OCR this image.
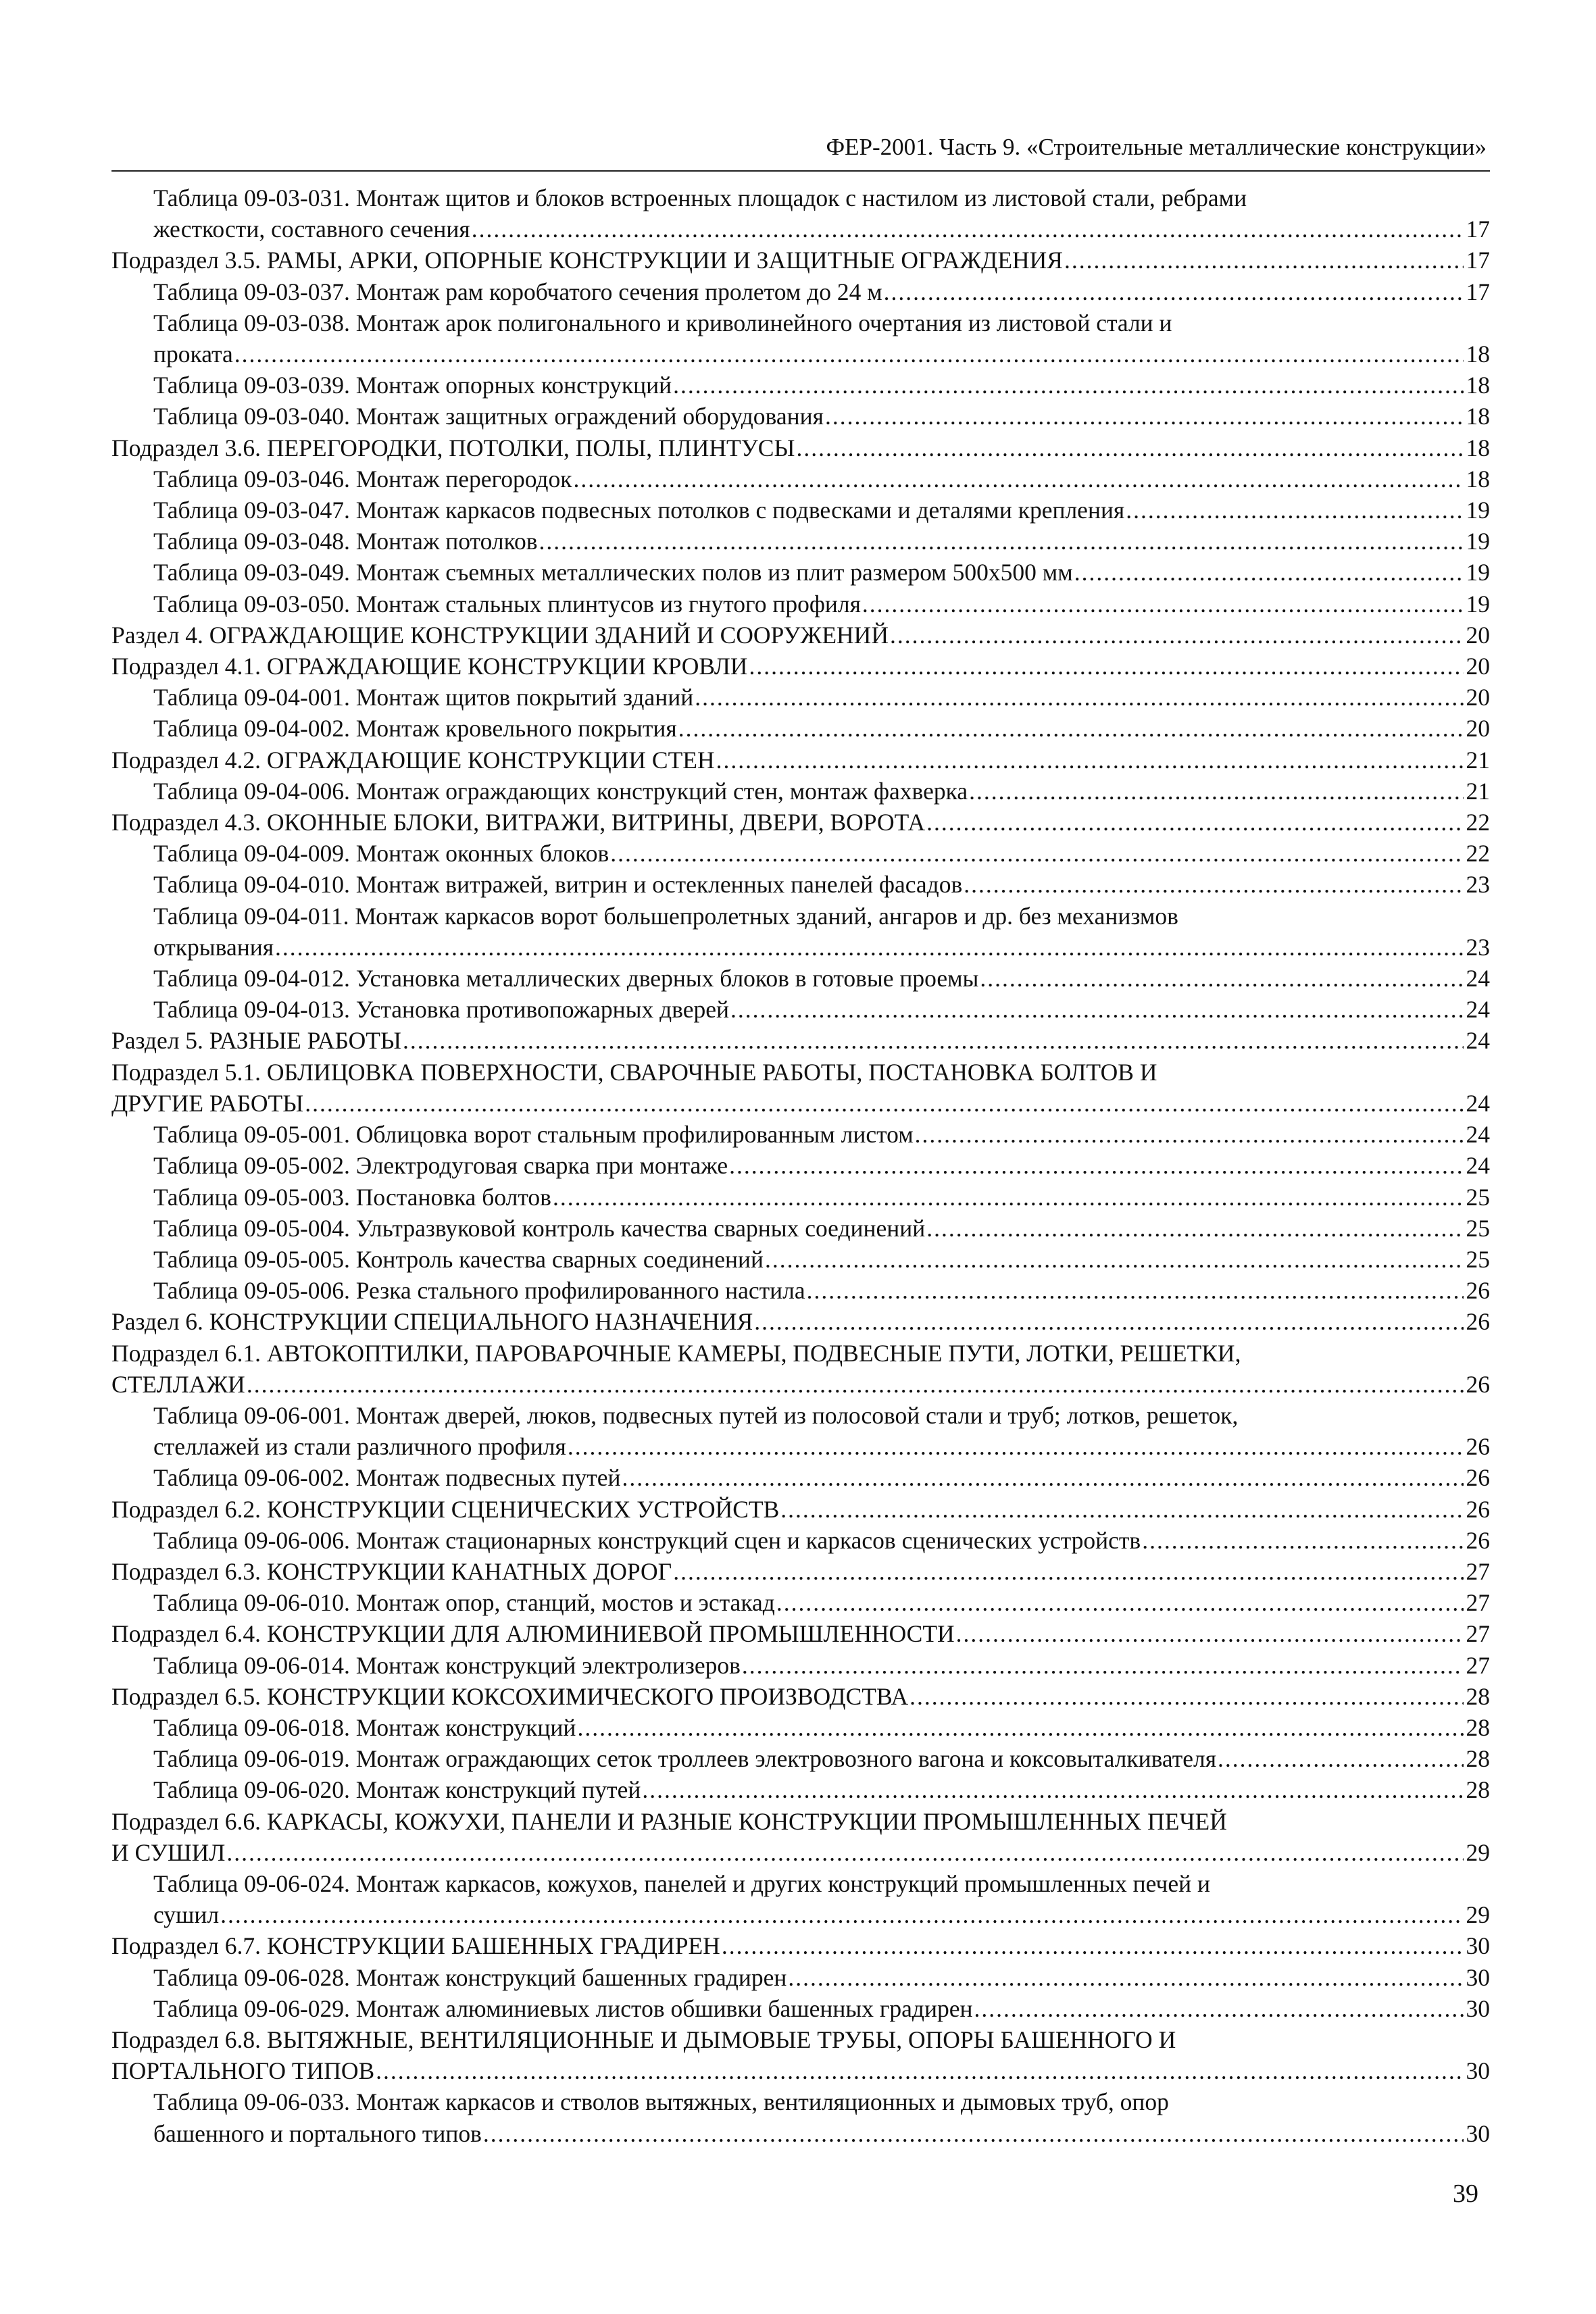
ФЕР-2001. Часть 9. «Строительные металлические конструкции»
Таблица 09-03-031. Монтаж щитов и блоков встроенных площадок с настилом из листовой стали, ребрами
жесткости, составного сечения .....	17
Подраздел 3.5. РАМЫ, АРКИ, ОПОРНЫЕ КОНСТРУКЦИИ И ЗАЩИТНЫЕ ОГРАЖДЕНИЯ .....	17
Таблица 09-03-037. Монтаж рам коробчатого сечения пролетом до 24 м .....	17
Таблица 09-03-038. Монтаж арок полигонального и криволинейного очертания из листовой стали и
проката .....	18
Таблица 09-03-039. Монтаж опорных конструкций .....	18
Таблица 09-03-040. Монтаж защитных ограждений оборудования .....	18
Подраздел 3.6. ПЕРЕГОРОДКИ, ПОТОЛКИ, ПОЛЫ, ПЛИНТУСЫ .....	18
Таблица 09-03-046. Монтаж перегородок .....	18
Таблица 09-03-047. Монтаж каркасов подвесных потолков с подвесками и деталями крепления .....	19
Таблица 09-03-048. Монтаж потолков .....	19
Таблица 09-03-049. Монтаж съемных металлических полов из плит размером 500х500 мм .....	19
Таблица 09-03-050. Монтаж стальных плинтусов из гнутого профиля .....	19
Раздел 4. ОГРАЖДАЮЩИЕ КОНСТРУКЦИИ ЗДАНИЙ И СООРУЖЕНИЙ .....	20
Подраздел 4.1. ОГРАЖДАЮЩИЕ КОНСТРУКЦИИ КРОВЛИ .....	20
Таблица 09-04-001. Монтаж щитов покрытий зданий .....	20
Таблица 09-04-002. Монтаж кровельного покрытия .....	20
Подраздел 4.2. ОГРАЖДАЮЩИЕ КОНСТРУКЦИИ СТЕН .....	21
Таблица 09-04-006. Монтаж ограждающих конструкций стен, монтаж фахверка .....	21
Подраздел 4.3. ОКОННЫЕ БЛОКИ, ВИТРАЖИ, ВИТРИНЫ, ДВЕРИ, ВОРОТА .....	22
Таблица 09-04-009. Монтаж оконных блоков .....	22
Таблица 09-04-010. Монтаж витражей, витрин и остекленных панелей фасадов .....	23
Таблица 09-04-011. Монтаж каркасов ворот большепролетных зданий, ангаров и др. без механизмов
открывания .....	23
Таблица 09-04-012. Установка металлических дверных блоков в готовые проемы .....	24
Таблица 09-04-013. Установка противопожарных дверей .....	24
Раздел 5. РАЗНЫЕ РАБОТЫ .....	24
Подраздел 5.1. ОБЛИЦОВКА ПОВЕРХНОСТИ, СВАРОЧНЫЕ РАБОТЫ, ПОСТАНОВКА БОЛТОВ И
ДРУГИЕ РАБОТЫ .....	24
Таблица 09-05-001. Облицовка ворот стальным профилированным листом .....	24
Таблица 09-05-002. Электродуговая сварка при монтаже .....	24
Таблица 09-05-003. Постановка болтов .....	25
Таблица 09-05-004. Ультразвуковой контроль качества сварных соединений .....	25
Таблица 09-05-005. Контроль качества сварных соединений .....	25
Таблица 09-05-006. Резка стального профилированного настила .....	26
Раздел 6. КОНСТРУКЦИИ СПЕЦИАЛЬНОГО НАЗНАЧЕНИЯ .....	26
Подраздел 6.1. АВТОКОПТИЛКИ, ПАРОВАРОЧНЫЕ КАМЕРЫ, ПОДВЕСНЫЕ ПУТИ, ЛОТКИ, РЕШЕТКИ,
СТЕЛЛАЖИ .....	26
Таблица 09-06-001. Монтаж дверей, люков, подвесных путей из полосовой стали и труб; лотков, решеток,
стеллажей из стали различного профиля .....	26
Таблица 09-06-002. Монтаж подвесных путей .....	26
Подраздел 6.2. КОНСТРУКЦИИ СЦЕНИЧЕСКИХ УСТРОЙСТВ .....	26
Таблица 09-06-006. Монтаж стационарных конструкций сцен и каркасов сценических устройств .....	26
Подраздел 6.3. КОНСТРУКЦИИ КАНАТНЫХ ДОРОГ .....	27
Таблица 09-06-010. Монтаж опор, станций, мостов и эстакад .....	27
Подраздел 6.4. КОНСТРУКЦИИ ДЛЯ АЛЮМИНИЕВОЙ ПРОМЫШЛЕННОСТИ .....	27
Таблица 09-06-014. Монтаж конструкций электролизеров .....	27
Подраздел 6.5. КОНСТРУКЦИИ КОКСОХИМИЧЕСКОГО ПРОИЗВОДСТВА .....	28
Таблица 09-06-018. Монтаж конструкций .....	28
Таблица 09-06-019. Монтаж ограждающих сеток троллеев электровозного вагона и коксовыталкивателя .....	28
Таблица 09-06-020. Монтаж конструкций путей .....	28
Подраздел 6.6. КАРКАСЫ, КОЖУХИ, ПАНЕЛИ И РАЗНЫЕ КОНСТРУКЦИИ ПРОМЫШЛЕННЫХ ПЕЧЕЙ
И СУШИЛ .....	29
Таблица 09-06-024. Монтаж каркасов, кожухов, панелей и других конструкций промышленных печей и
сушил .....	29
Подраздел 6.7. КОНСТРУКЦИИ БАШЕННЫХ ГРАДИРЕН .....	30
Таблица 09-06-028. Монтаж конструкций башенных градирен .....	30
Таблица 09-06-029. Монтаж алюминиевых листов обшивки башенных градирен .....	30
Подраздел 6.8. ВЫТЯЖНЫЕ, ВЕНТИЛЯЦИОННЫЕ И ДЫМОВЫЕ ТРУБЫ, ОПОРЫ БАШЕННОГО И
ПОРТАЛЬНОГО ТИПОВ .....	30
Таблица 09-06-033. Монтаж каркасов и стволов вытяжных, вентиляционных и дымовых труб, опор
башенного и портального типов .....	30
39
